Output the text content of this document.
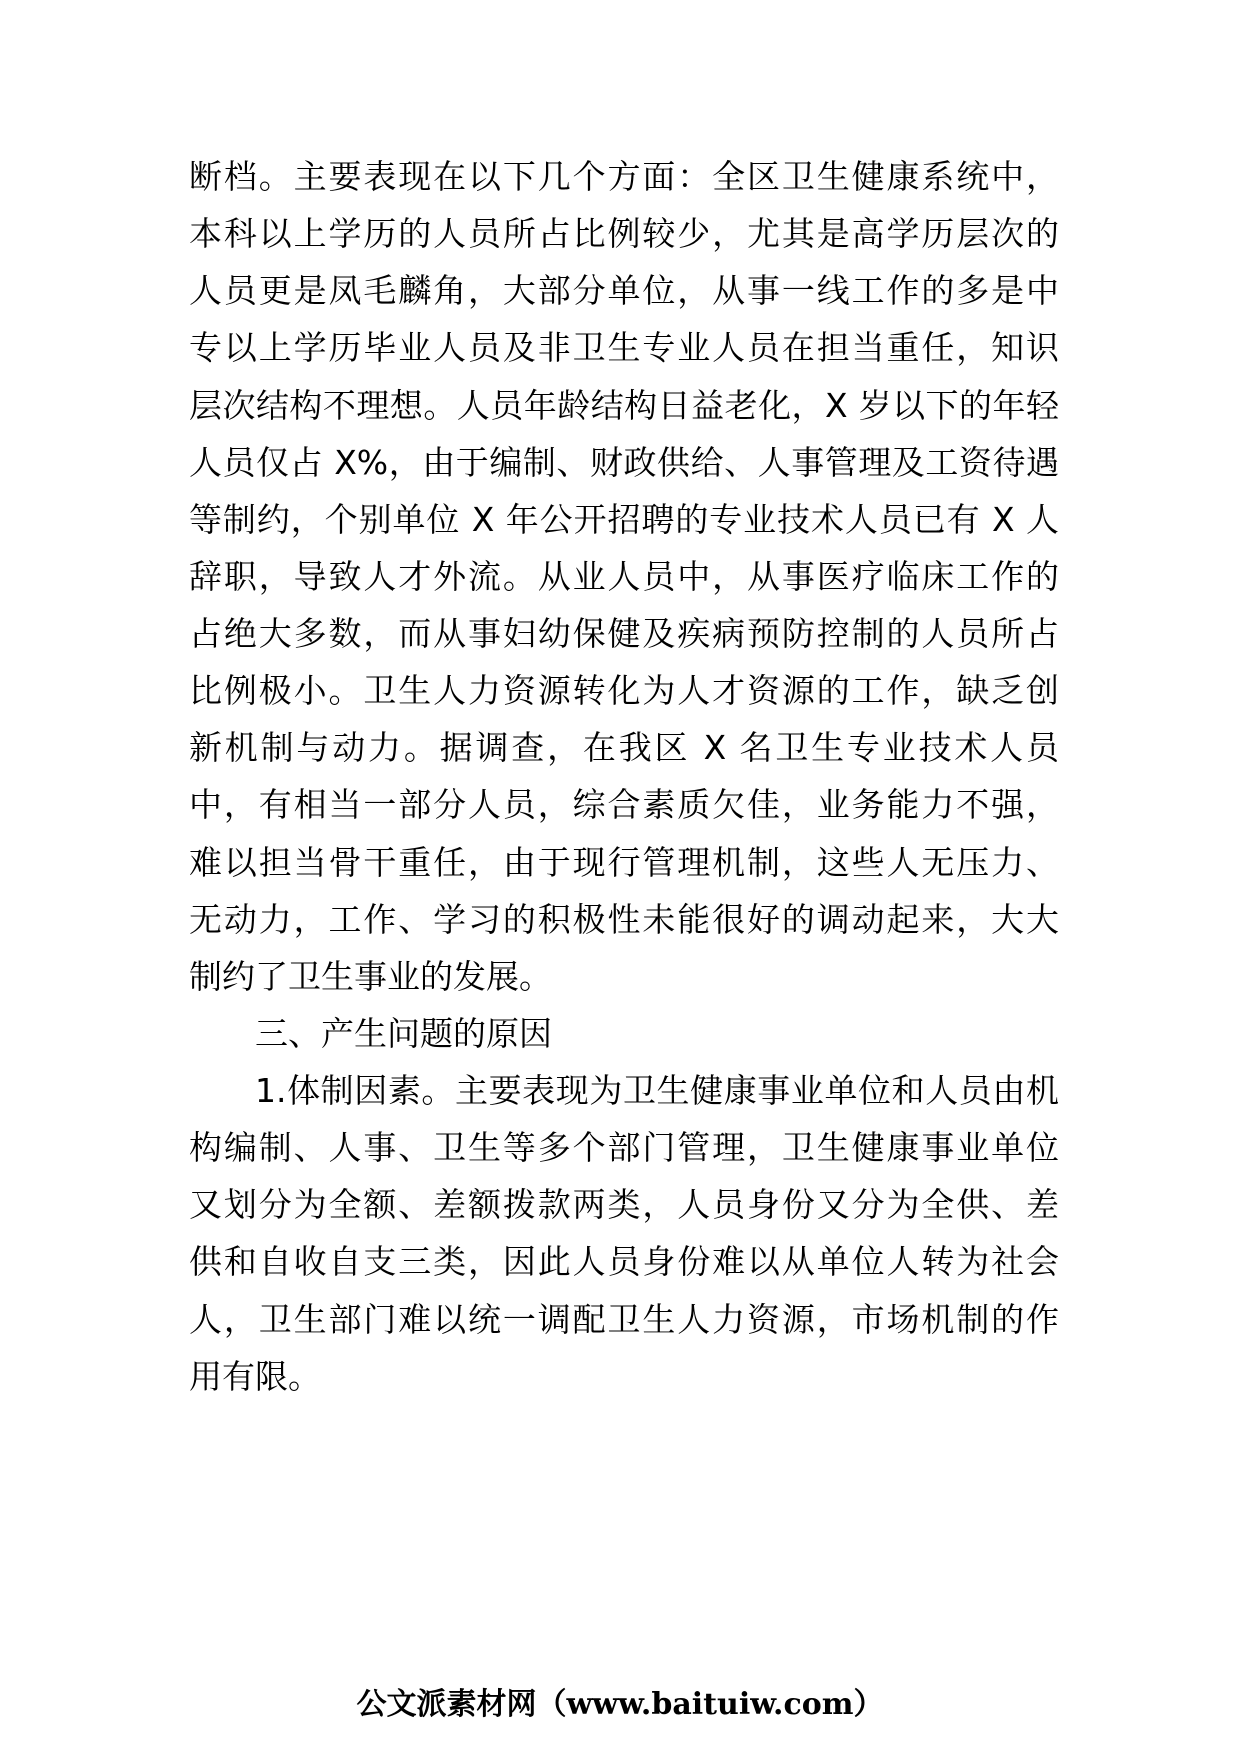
断档。主要表现在以下几个方面：全区卫生健康系统中，
本科以上学历的人员所占比例较少，尤其是高学历层次的
人员更是凤毛麟角，大部分单位，从事一线工作的多是中
专以上学历毕业人员及非卫生专业人员在担当重任，知识
层次结构不理想。人员年龄结构日益老化，X 岁以下的年轻
人员仅占 X%，由于编制、财政供给、人事管理及工资待遇
等制约，个别单位 X 年公开招聘的专业技术人员已有 X 人
辞职，导致人才外流。从业人员中，从事医疗临床工作的
占绝大多数，而从事妇幼保健及疾病预防控制的人员所占
比例极小。卫生人力资源转化为人才资源的工作，缺乏创
新机制与动力。据调查，在我区 X 名卫生专业技术人员
中，有相当一部分人员，综合素质欠佳，业务能力不强，
难以担当骨干重任，由于现行管理机制，这些人无压力、
无动力，工作、学习的积极性未能很好的调动起来，大大
制约了卫生事业的发展。
三、产生问题的原因
1.体制因素。主要表现为卫生健康事业单位和人员由机
构编制、人事、卫生等多个部门管理，卫生健康事业单位
又划分为全额、差额拨款两类，人员身份又分为全供、差
供和自收自支三类，因此人员身份难以从单位人转为社会
人，卫生部门难以统一调配卫生人力资源，市场机制的作
用有限。
公文派素材网（www.baituiw.com）
